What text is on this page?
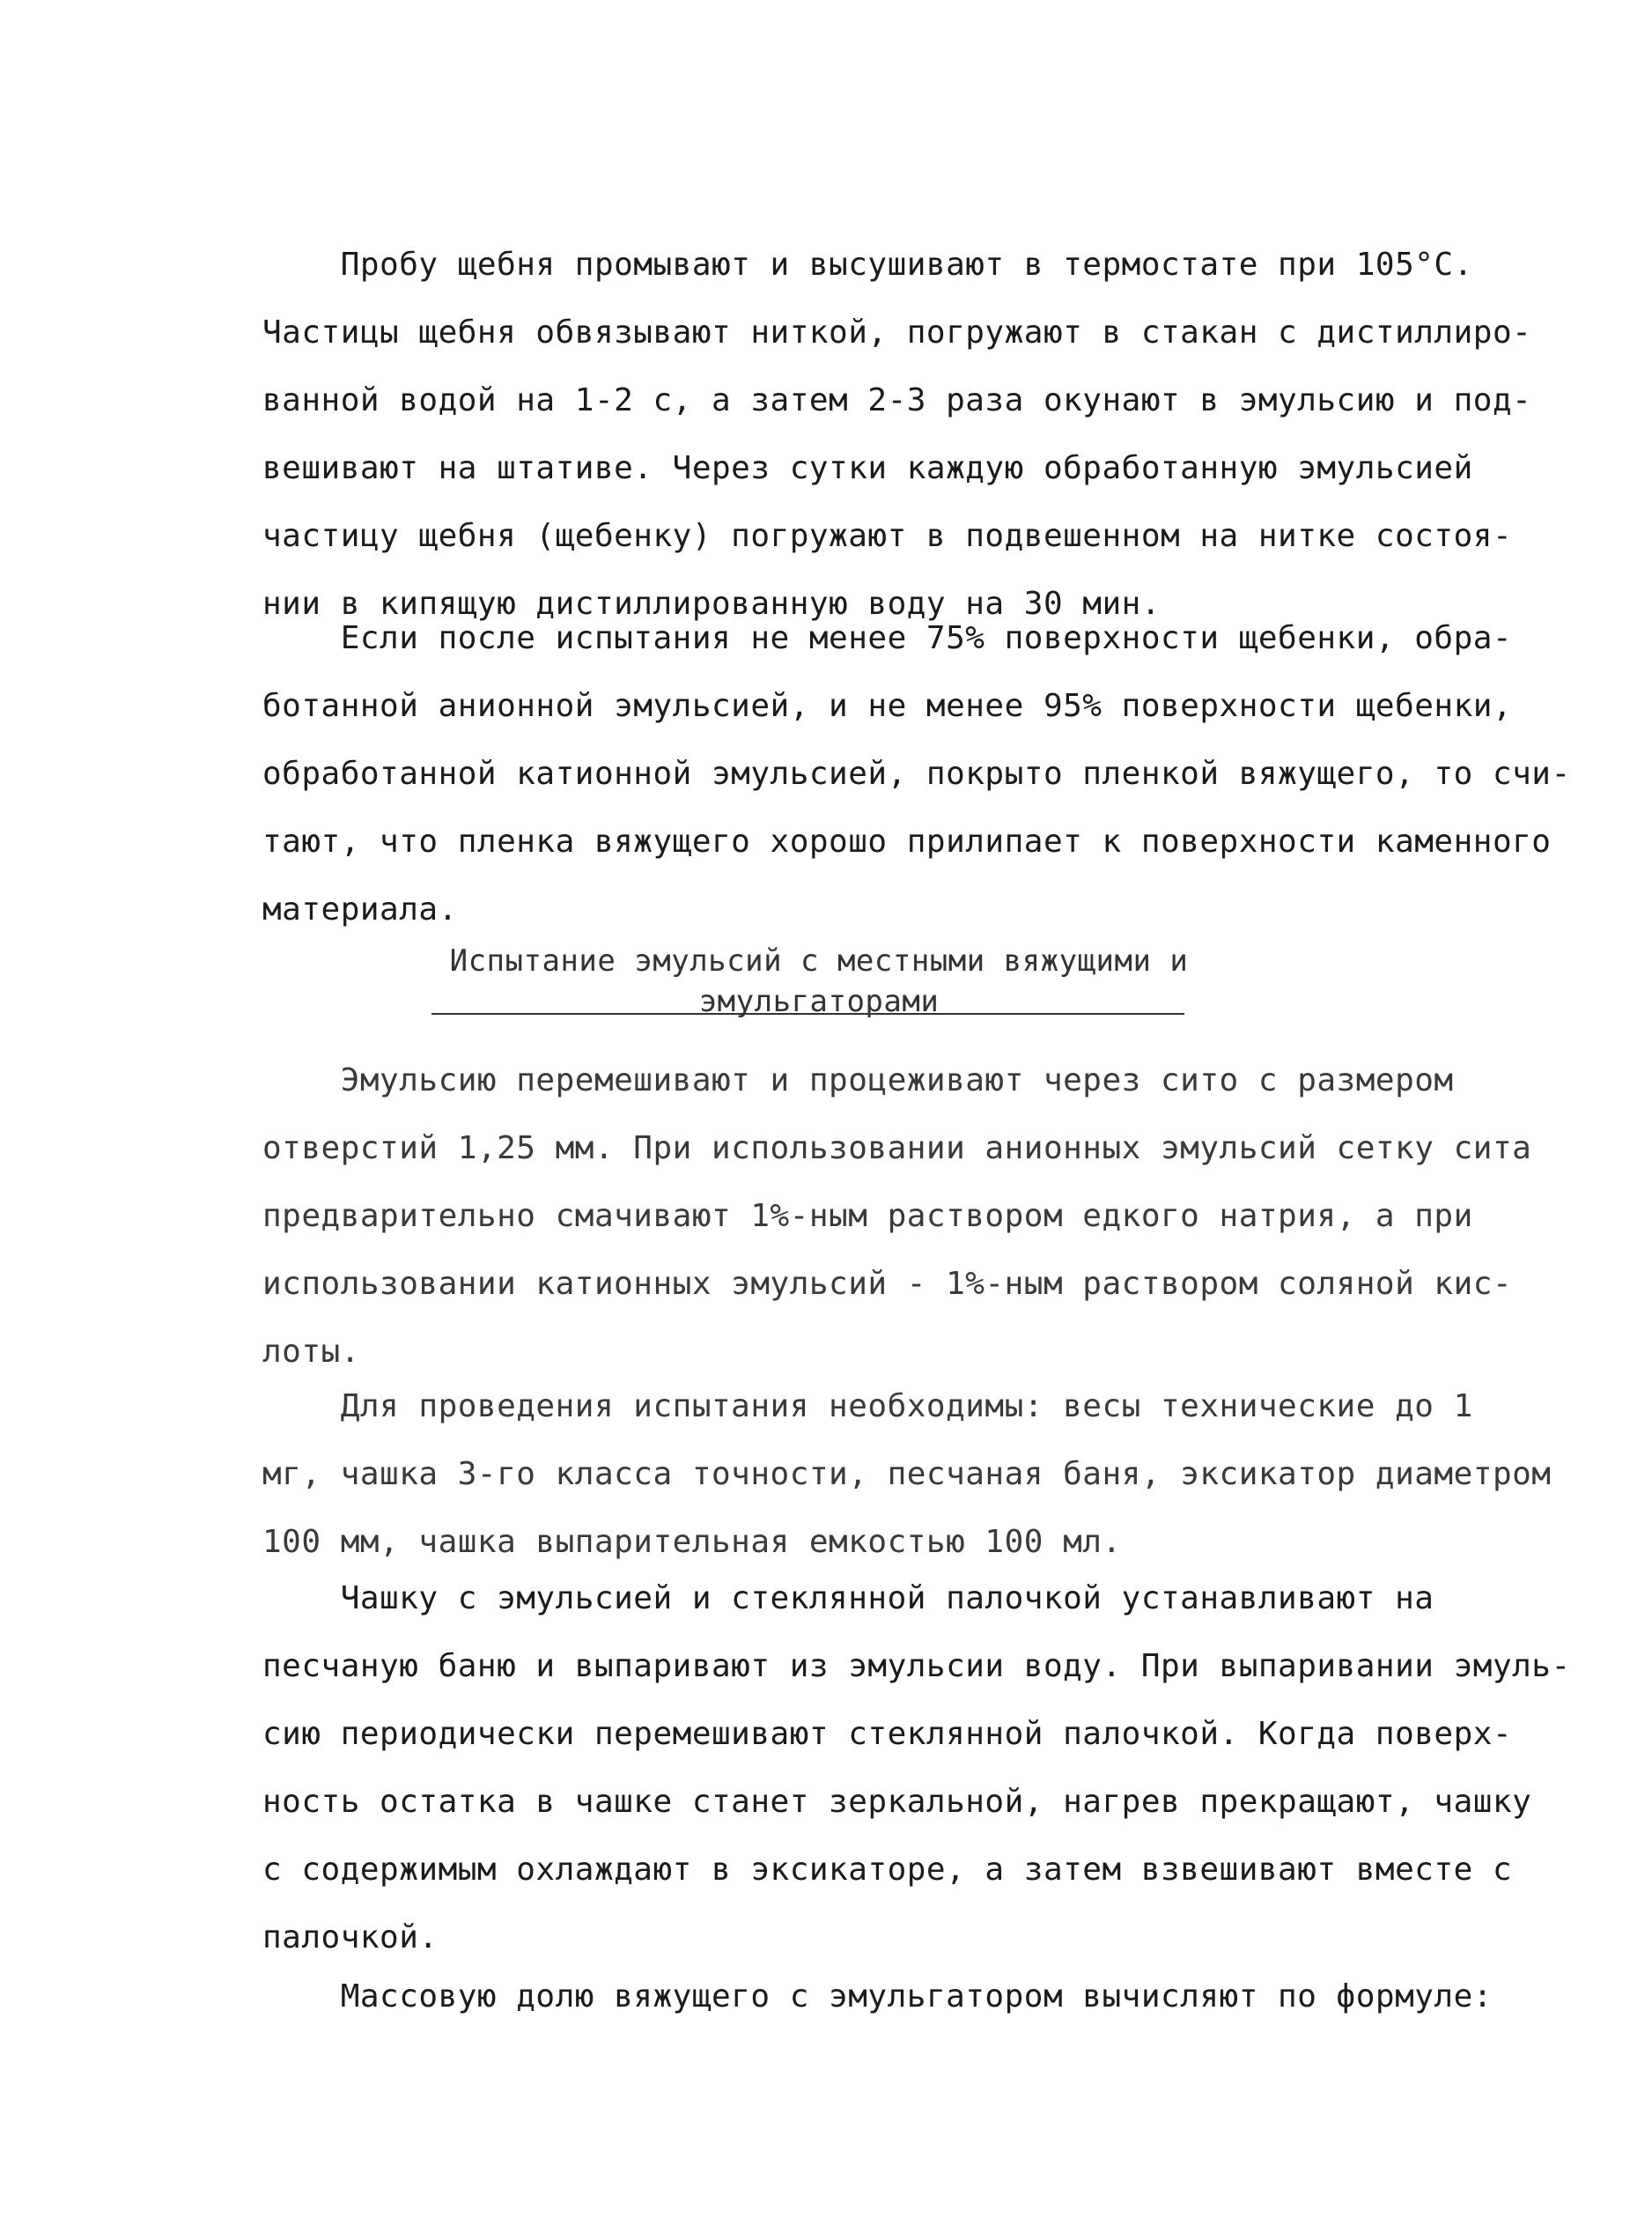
Пробу щебня промывают и высушивают в термостате при 105°С.
Частицы щебня обвязывают ниткой, погружают в стакан с дистиллиро-
ванной водой на 1-2 с, а затем 2-3 раза окунают в эмульсию и под-
вешивают на штативе. Через сутки каждую обработанную эмульсией
частицу щебня (щебенку) погружают в подвешенном на нитке состоя-
нии в кипящую дистиллированную воду на 30 мин.
Если после испытания не менее 75% поверхности щебенки, обра-
ботанной анионной эмульсией, и не менее 95% поверхности щебенки,
обработанной катионной эмульсией, покрыто пленкой вяжущего, то счи-
тают, что пленка вяжущего хорошо прилипает к поверхности каменного
материала.
Испытание эмульсий с местными вяжущими и
эмульгаторами
Эмульсию перемешивают и процеживают через сито с размером
отверстий 1,25 мм. При использовании анионных эмульсий сетку сита
предварительно смачивают 1%-ным раствором едкого натрия, а при
использовании катионных эмульсий - 1%-ным раствором соляной кис-
лоты.
Для проведения испытания необходимы: весы технические до 1
мг, чашка 3-го класса точности, песчаная баня, эксикатор диаметром
100 мм, чашка выпарительная емкостью 100 мл.
Чашку с эмульсией и стеклянной палочкой устанавливают на
песчаную баню и выпаривают из эмульсии воду. При выпаривании эмуль-
сию периодически перемешивают стеклянной палочкой. Когда поверх-
ность остатка в чашке станет зеркальной, нагрев прекращают, чашку
с содержимым охлаждают в эксикаторе, а затем взвешивают вместе с
палочкой.
Массовую долю вяжущего с эмульгатором вычисляют по формуле:
